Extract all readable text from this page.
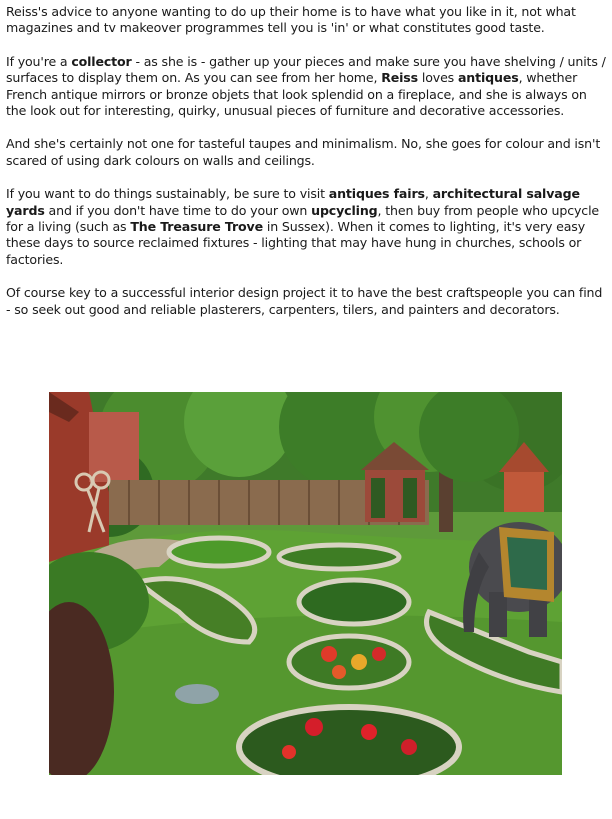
Reiss's advice to anyone wanting to do up their home is to have what you like in it, not what magazines and tv makeover programmes tell you is 'in' or what constitutes good taste.

If you're a collector - as she is - gather up your pieces and make sure you have shelving / units / surfaces to display them on. As you can see from her home, Reiss loves antiques, whether French antique mirrors or bronze objets that look splendid on a fireplace, and she is always on the look out for interesting, quirky, unusual pieces of furniture and decorative accessories.

And she's certainly not one for tasteful taupes and minimalism. No, she goes for colour and isn't scared of using dark colours on walls and ceilings.

If you want to do things sustainably, be sure to visit antiques fairs, architectural salvage yards and if you don't have time to do your own upcycling, then buy from people who upcycle for a living (such as The Treasure Trove in Sussex). When it comes to lighting, it's very easy these days to source reclaimed fixtures - lighting that may have hung in churches, schools or factories.

Of course key to a successful interior design project it to have the best craftspeople you can find - so seek out good and reliable plasterers, carpenters, tilers, and painters and decorators.
